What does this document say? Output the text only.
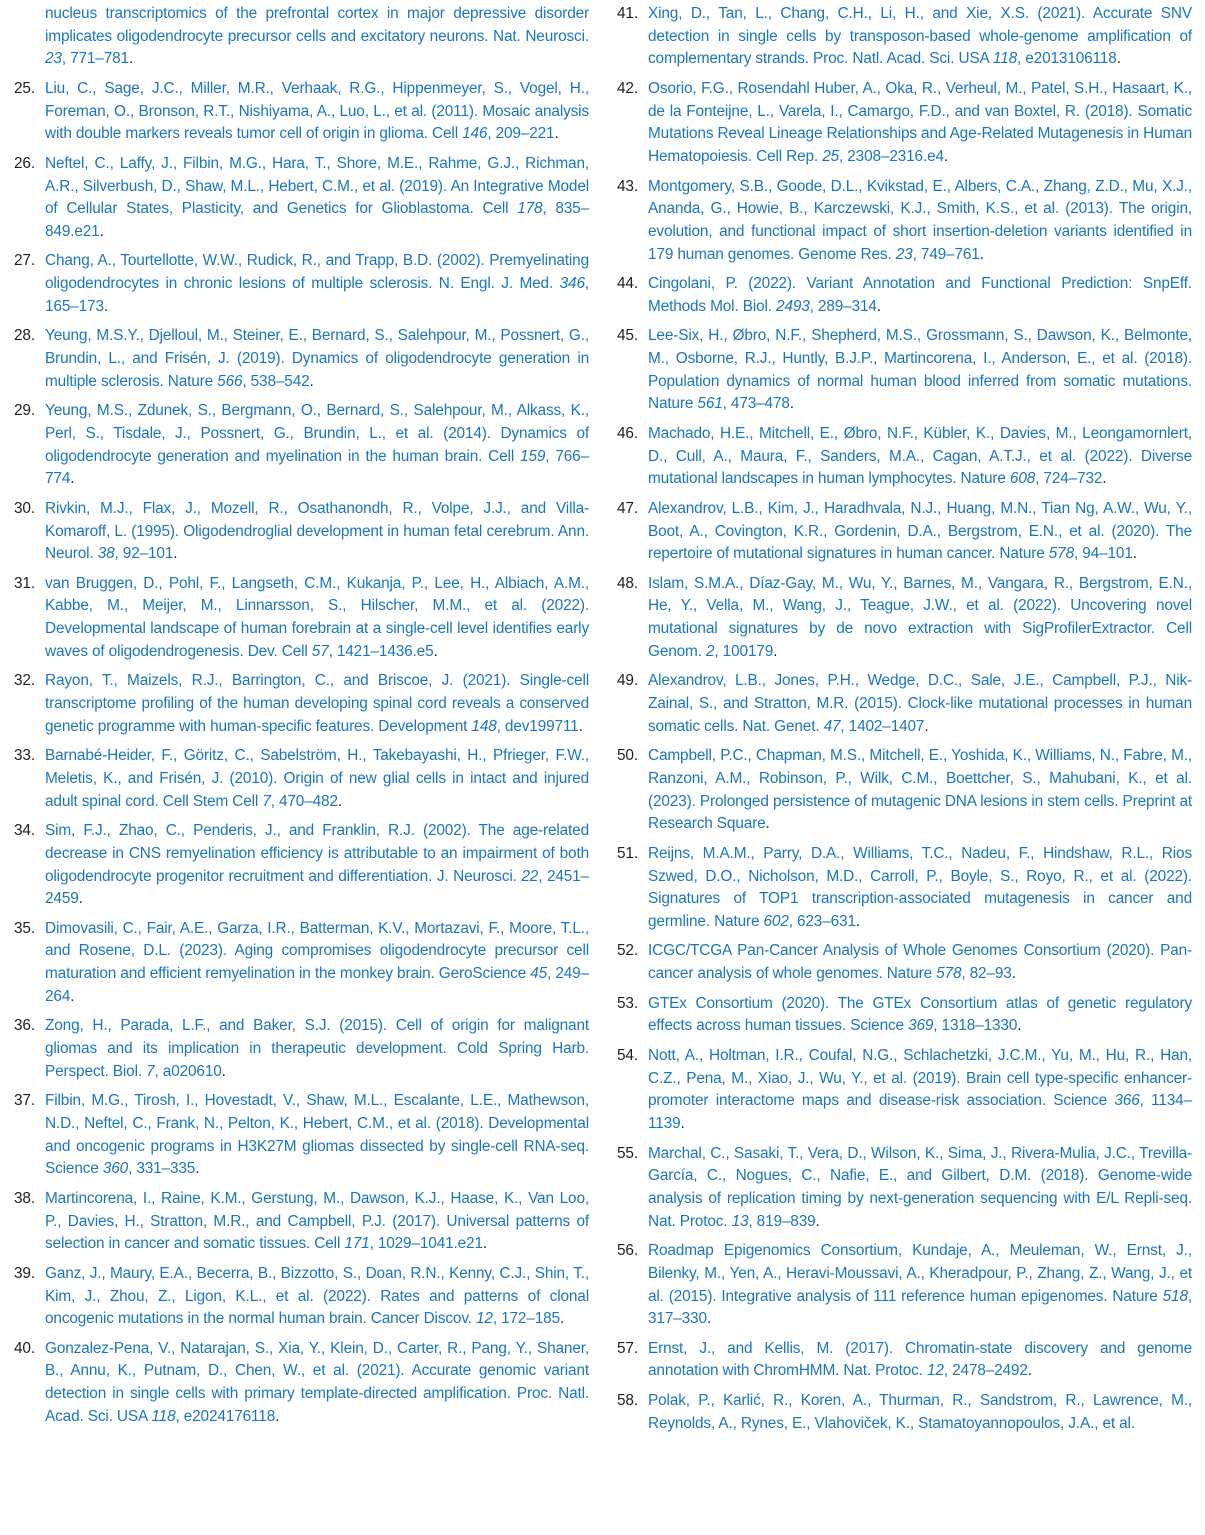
nucleus transcriptomics of the prefrontal cortex in major depressive disorder implicates oligodendrocyte precursor cells and excitatory neurons. Nat. Neurosci. 23, 771–781.
25. Liu, C., Sage, J.C., Miller, M.R., Verhaak, R.G., Hippenmeyer, S., Vogel, H., Foreman, O., Bronson, R.T., Nishiyama, A., Luo, L., et al. (2011). Mosaic analysis with double markers reveals tumor cell of origin in glioma. Cell 146, 209–221.
26. Neftel, C., Laffy, J., Filbin, M.G., Hara, T., Shore, M.E., Rahme, G.J., Richman, A.R., Silverbush, D., Shaw, M.L., Hebert, C.M., et al. (2019). An Integrative Model of Cellular States, Plasticity, and Genetics for Glioblastoma. Cell 178, 835–849.e21.
27. Chang, A., Tourtellotte, W.W., Rudick, R., and Trapp, B.D. (2002). Premyelinating oligodendrocytes in chronic lesions of multiple sclerosis. N. Engl. J. Med. 346, 165–173.
28. Yeung, M.S.Y., Djelloul, M., Steiner, E., Bernard, S., Salehpour, M., Possnert, G., Brundin, L., and Frisén, J. (2019). Dynamics of oligodendrocyte generation in multiple sclerosis. Nature 566, 538–542.
29. Yeung, M.S., Zdunek, S., Bergmann, O., Bernard, S., Salehpour, M., Alkass, K., Perl, S., Tisdale, J., Possnert, G., Brundin, L., et al. (2014). Dynamics of oligodendrocyte generation and myelination in the human brain. Cell 159, 766–774.
30. Rivkin, M.J., Flax, J., Mozell, R., Osathanondh, R., Volpe, J.J., and Villa-Komaroff, L. (1995). Oligodendroglial development in human fetal cerebrum. Ann. Neurol. 38, 92–101.
31. van Bruggen, D., Pohl, F., Langseth, C.M., Kukanja, P., Lee, H., Albiach, A.M., Kabbe, M., Meijer, M., Linnarsson, S., Hilscher, M.M., et al. (2022). Developmental landscape of human forebrain at a single-cell level identifies early waves of oligodendrogenesis. Dev. Cell 57, 1421–1436.e5.
32. Rayon, T., Maizels, R.J., Barrington, C., and Briscoe, J. (2021). Single-cell transcriptome profiling of the human developing spinal cord reveals a conserved genetic programme with human-specific features. Development 148, dev199711.
33. Barnabé-Heider, F., Göritz, C., Sabelström, H., Takebayashi, H., Pfrieger, F.W., Meletis, K., and Frisén, J. (2010). Origin of new glial cells in intact and injured adult spinal cord. Cell Stem Cell 7, 470–482.
34. Sim, F.J., Zhao, C., Penderis, J., and Franklin, R.J. (2002). The age-related decrease in CNS remyelination efficiency is attributable to an impairment of both oligodendrocyte progenitor recruitment and differentiation. J. Neurosci. 22, 2451–2459.
35. Dimovasili, C., Fair, A.E., Garza, I.R., Batterman, K.V., Mortazavi, F., Moore, T.L., and Rosene, D.L. (2023). Aging compromises oligodendrocyte precursor cell maturation and efficient remyelination in the monkey brain. GeroScience 45, 249–264.
36. Zong, H., Parada, L.F., and Baker, S.J. (2015). Cell of origin for malignant gliomas and its implication in therapeutic development. Cold Spring Harb. Perspect. Biol. 7, a020610.
37. Filbin, M.G., Tirosh, I., Hovestadt, V., Shaw, M.L., Escalante, L.E., Mathewson, N.D., Neftel, C., Frank, N., Pelton, K., Hebert, C.M., et al. (2018). Developmental and oncogenic programs in H3K27M gliomas dissected by single-cell RNA-seq. Science 360, 331–335.
38. Martincorena, I., Raine, K.M., Gerstung, M., Dawson, K.J., Haase, K., Van Loo, P., Davies, H., Stratton, M.R., and Campbell, P.J. (2017). Universal patterns of selection in cancer and somatic tissues. Cell 171, 1029–1041.e21.
39. Ganz, J., Maury, E.A., Becerra, B., Bizzotto, S., Doan, R.N., Kenny, C.J., Shin, T., Kim, J., Zhou, Z., Ligon, K.L., et al. (2022). Rates and patterns of clonal oncogenic mutations in the normal human brain. Cancer Discov. 12, 172–185.
40. Gonzalez-Pena, V., Natarajan, S., Xia, Y., Klein, D., Carter, R., Pang, Y., Shaner, B., Annu, K., Putnam, D., Chen, W., et al. (2021). Accurate genomic variant detection in single cells with primary template-directed amplification. Proc. Natl. Acad. Sci. USA 118, e2024176118.
41. Xing, D., Tan, L., Chang, C.H., Li, H., and Xie, X.S. (2021). Accurate SNV detection in single cells by transposon-based whole-genome amplification of complementary strands. Proc. Natl. Acad. Sci. USA 118, e2013106118.
42. Osorio, F.G., Rosendahl Huber, A., Oka, R., Verheul, M., Patel, S.H., Hasaart, K., de la Fonteijne, L., Varela, I., Camargo, F.D., and van Boxtel, R. (2018). Somatic Mutations Reveal Lineage Relationships and Age-Related Mutagenesis in Human Hematopoiesis. Cell Rep. 25, 2308–2316.e4.
43. Montgomery, S.B., Goode, D.L., Kvikstad, E., Albers, C.A., Zhang, Z.D., Mu, X.J., Ananda, G., Howie, B., Karczewski, K.J., Smith, K.S., et al. (2013). The origin, evolution, and functional impact of short insertion-deletion variants identified in 179 human genomes. Genome Res. 23, 749–761.
44. Cingolani, P. (2022). Variant Annotation and Functional Prediction: SnpEff. Methods Mol. Biol. 2493, 289–314.
45. Lee-Six, H., Øbro, N.F., Shepherd, M.S., Grossmann, S., Dawson, K., Belmonte, M., Osborne, R.J., Huntly, B.J.P., Martincorena, I., Anderson, E., et al. (2018). Population dynamics of normal human blood inferred from somatic mutations. Nature 561, 473–478.
46. Machado, H.E., Mitchell, E., Øbro, N.F., Kübler, K., Davies, M., Leongamornlert, D., Cull, A., Maura, F., Sanders, M.A., Cagan, A.T.J., et al. (2022). Diverse mutational landscapes in human lymphocytes. Nature 608, 724–732.
47. Alexandrov, L.B., Kim, J., Haradhvala, N.J., Huang, M.N., Tian Ng, A.W., Wu, Y., Boot, A., Covington, K.R., Gordenin, D.A., Bergstrom, E.N., et al. (2020). The repertoire of mutational signatures in human cancer. Nature 578, 94–101.
48. Islam, S.M.A., Díaz-Gay, M., Wu, Y., Barnes, M., Vangara, R., Bergstrom, E.N., He, Y., Vella, M., Wang, J., Teague, J.W., et al. (2022). Uncovering novel mutational signatures by de novo extraction with SigProfilerExtractor. Cell Genom. 2, 100179.
49. Alexandrov, L.B., Jones, P.H., Wedge, D.C., Sale, J.E., Campbell, P.J., Nik-Zainal, S., and Stratton, M.R. (2015). Clock-like mutational processes in human somatic cells. Nat. Genet. 47, 1402–1407.
50. Campbell, P.C., Chapman, M.S., Mitchell, E., Yoshida, K., Williams, N., Fabre, M., Ranzoni, A.M., Robinson, P., Wilk, C.M., Boettcher, S., Mahubani, K., et al. (2023). Prolonged persistence of mutagenic DNA lesions in stem cells. Preprint at Research Square.
51. Reijns, M.A.M., Parry, D.A., Williams, T.C., Nadeu, F., Hindshaw, R.L., Rios Szwed, D.O., Nicholson, M.D., Carroll, P., Boyle, S., Royo, R., et al. (2022). Signatures of TOP1 transcription-associated mutagenesis in cancer and germline. Nature 602, 623–631.
52. ICGC/TCGA Pan-Cancer Analysis of Whole Genomes Consortium (2020). Pan-cancer analysis of whole genomes. Nature 578, 82–93.
53. GTEx Consortium (2020). The GTEx Consortium atlas of genetic regulatory effects across human tissues. Science 369, 1318–1330.
54. Nott, A., Holtman, I.R., Coufal, N.G., Schlachetzki, J.C.M., Yu, M., Hu, R., Han, C.Z., Pena, M., Xiao, J., Wu, Y., et al. (2019). Brain cell type-specific enhancer-promoter interactome maps and disease-risk association. Science 366, 1134–1139.
55. Marchal, C., Sasaki, T., Vera, D., Wilson, K., Sima, J., Rivera-Mulia, J.C., Trevilla-García, C., Nogues, C., Nafie, E., and Gilbert, D.M. (2018). Genome-wide analysis of replication timing by next-generation sequencing with E/L Repli-seq. Nat. Protoc. 13, 819–839.
56. Roadmap Epigenomics Consortium, Kundaje, A., Meuleman, W., Ernst, J., Bilenky, M., Yen, A., Heravi-Moussavi, A., Kheradpour, P., Zhang, Z., Wang, J., et al. (2015). Integrative analysis of 111 reference human epigenomes. Nature 518, 317–330.
57. Ernst, J., and Kellis, M. (2017). Chromatin-state discovery and genome annotation with ChromHMM. Nat. Protoc. 12, 2478–2492.
58. Polak, P., Karlić, R., Koren, A., Thurman, R., Sandstrom, R., Lawrence, M., Reynolds, A., Rynes, E., Vlahoviček, K., Stamatoyannopoulos, J.A., et al.
